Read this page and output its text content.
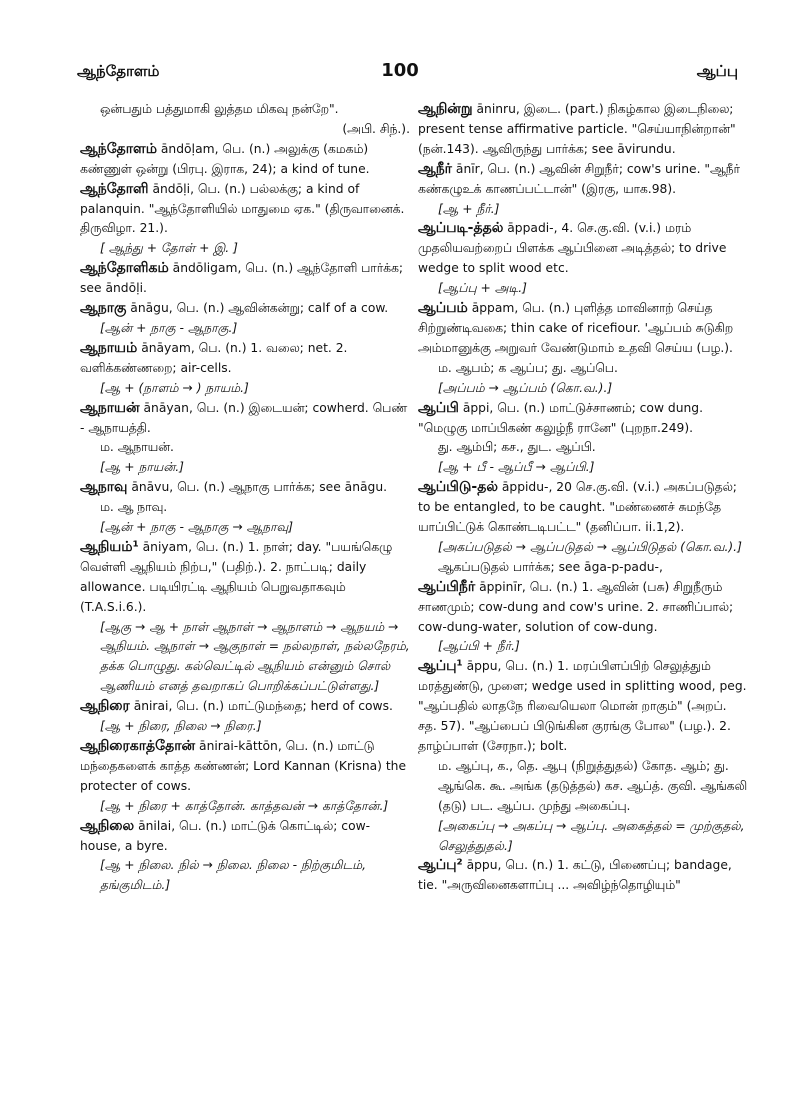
ஆந்தோளம்	100	ஆப்பு
ஒன்பதும் பத்துமாகி லுத்தம மிகவு நன்றே".
(அபி. சிந்.).
ஆந்தோளம் āndōḷam, பெ. (n.) அலுக்கு (கமகம்) கண்ணுள் ஒன்று (பிரபு. இராக, 24); a kind of tune.
ஆந்தோளி āndōḷi, பெ. (n.) பல்லக்கு; a kind of palanquin. "ஆந்தோளியில் மாதுமை ஏக." (திருவானைக். திருவிழா. 21.).
[ ஆந்து + தோள் + இ. ]
ஆந்தோளிகம் āndōligam, பெ. (n.) ஆந்தோளி பார்க்க; see āndōḷi.
ஆநாகு ānāgu, பெ. (n.) ஆவின்கன்று; calf of a cow.
[ஆன் + நாகு - ஆநாகு.]
ஆநாயம் ānāyam, பெ. (n.) 1. வலை; net. 2. வளிக்கண்ணறை; air-cells.
[ஆ + (நாளம் → ) நாயம்.]
ஆநாயன் ānāyan, பெ. (n.) இடையன்; cowherd. பெண் - ஆநாயத்தி.
ம. ஆநாயன்.
[ஆ + நாயன்.]
ஆநாவு ānāvu, பெ. (n.) ஆநாகு பார்க்க; see ānāgu.
ம. ஆ நாவு.
[ஆன் + நாகு - ஆநாகு → ஆநாவு]
ஆநியம்¹ āniyam, பெ. (n.) 1. நாள்; day. "பயங்கெழு வெள்ளி ஆநியம் நிற்ப," (பதிற்.). 2. நாட்படி; daily allowance. படியிரட்டி ஆநியம் பெறுவதாகவும் (T.A.S.i.6.).
[ஆகு → ஆ + நாள் ஆநாள் → ஆநாளம் → ஆநயம் → ஆநியம். ஆநாள் → ஆகுநாள் = நல்லநாள், நல்லநேரம், தக்க பொழுது. கல்வெட்டில் ஆநியம் என்னும் சொல் ஆணியம் எனத் தவறாகப் பொறிக்கப்பட்டுள்ளது.]
ஆநிரை ānirai, பெ. (n.) மாட்டுமந்தை; herd of cows.
[ஆ + நிரை, நிலை → நிரை.]
ஆநிரைகாத்தோன் ānirai-kāttōn, பெ. (n.) மாட்டு மந்தைகளைக் காத்த கண்ணன்; Lord Kannan (Krisna) the protecter of cows.
[ஆ + நிரை + காத்தோன். காத்தவன் → காத்தோன்.]
ஆநிலை ānilai, பெ. (n.) மாட்டுக் கொட்டில்; cow-house, a byre.
[ஆ + நிலை. நில் → நிலை. நிலை - நிற்குமிடம், தங்குமிடம்.]
ஆநின்று āninru, இடை. (part.) நிகழ்கால இடைநிலை; present tense affirmative particle. "செய்யாநின்றான்" (நன்.143). ஆவிருந்து பார்க்க; see āvirundu.
ஆநீர் ānīr, பெ. (n.) ஆவின் சிறுநீர்; cow's urine. "ஆநீர் கண்கழுஉக் காணப்பட்டான்" (இரகு, யாக.98).
[ஆ + நீர்.]
ஆப்படி-த்தல் āppadi-, 4. செ.கு.வி. (v.i.) மரம் முதலியவற்றைப் பிளக்க ஆப்பினை அடித்தல்; to drive wedge to split wood etc.
[ஆப்பு + அடி.]
ஆப்பம் āppam, பெ. (n.) புளித்த மாவினாற் செய்த சிற்றுண்டிவகை; thin cake of ricefiour. 'ஆப்பம் சுடுகிற அம்மானுக்கு அறுவர் வேண்டுமாம் உதவி செய்ய (பழ.).
ம. ஆபம்; க ஆப்ப; து. ஆப்பெ.
[அப்பம் → ஆப்பம் (கொ.வ.).]
ஆப்பி āppi, பெ. (n.) மாட்டுச்சாணம்; cow dung. "மெழுகு மாப்பிகண் கலுழ்நீ ரானே" (புறநா.249).
து. ஆம்பி; கச., துட. ஆப்பி.
[ஆ + பீ - ஆப்பீ → ஆப்பி.]
ஆப்பிடு-தல் āppidu-, 20 செ.கு.வி. (v.i.) அகப்படுதல்; to be entangled, to be caught. "மண்ணைச் சுமந்தே யாப்பிட்டுக் கொண்டடிபட்ட" (தனிப்பா. ii.1,2).
[அகப்படுதல் → ஆப்படுதல் → ஆப்பிடுதல் (கொ.வ.).]
ஆகப்படுதல் பார்க்க; see āga-p-padu-,
ஆப்பிநீர் āppinīr, பெ. (n.) 1. ஆவின் (பசு) சிறுநீரும் சாணமும்; cow-dung and cow's urine. 2. சாணிப்பால்; cow-dung-water, solution of cow-dung.
[ஆப்பி + நீர்.]
ஆப்பு¹ āppu, பெ. (n.) 1. மரப்பிளப்பிற் செலுத்தும் மரத்துண்டு, முளை; wedge used in splitting wood, peg. "ஆப்பதில் லாதநே ரிவையெலா மொன் றாகும்" (அறப். சத. 57). "ஆப்பைப் பிடுங்கின குரங்கு போல" (பழ.). 2. தாழ்ப்பாள் (சேரநா.); bolt.
ம. ஆப்பு, க., தெ. ஆபு (நிறுத்துதல்) கோத. ஆம்; து. ஆங்கெ. கூ. அங்க (தடுத்தல்) கச. ஆப்த். குவி. ஆங்கலி (தடு) பட. ஆப்ப. முந்து அகைப்பு.
[அகைப்பு → அகப்பு → ஆப்பு. அகைத்தல் = முற்குதல், செலுத்துதல்.]
ஆப்பு² āppu, பெ. (n.) 1. கட்டு, பிணைப்பு; bandage, tie. "அருவினைகளாப்பு ... அவிழ்ந்தொழியும்"
